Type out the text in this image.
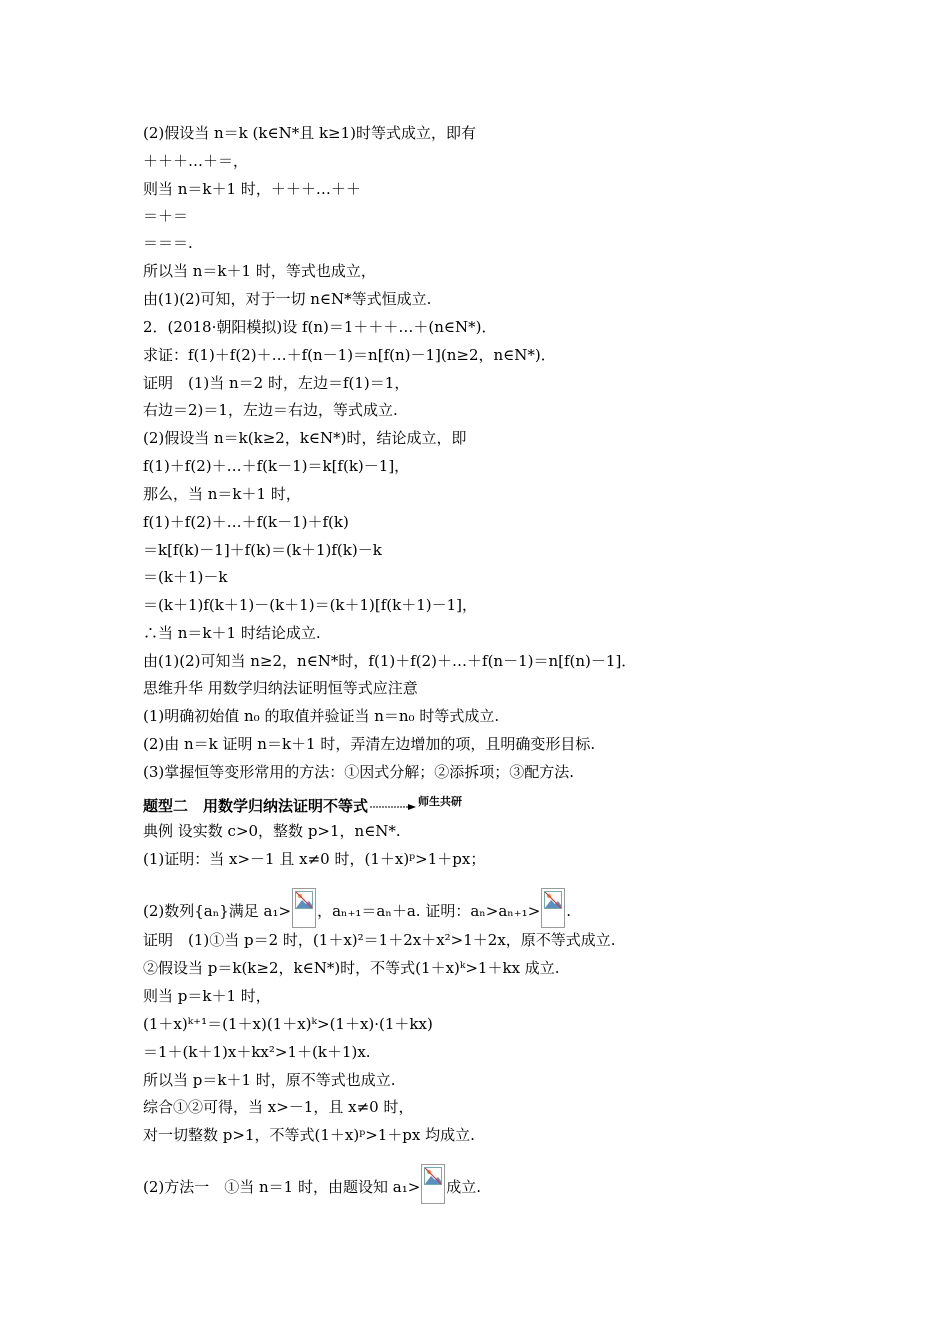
(2)假设当 n＝k (k∈N*且 k≥1)时等式成立，即有
＋＋＋…＋＝，
则当 n＝k＋1 时，＋＋＋…＋＋
＝＋＝
＝＝＝.
所以当 n＝k＋1 时，等式也成立，
由(1)(2)可知，对于一切 n∈N*等式恒成立.
2．(2018·朝阳模拟)设 f(n)＝1＋＋＋…＋(n∈N*)．
求证：f(1)＋f(2)＋…＋f(n－1)＝n[f(n)－1](n≥2，n∈N*)．
证明　(1)当 n＝2 时，左边＝f(1)＝1，
右边＝2)＝1，左边＝右边，等式成立.
(2)假设当 n＝k(k≥2，k∈N*)时，结论成立，即
f(1)＋f(2)＋…＋f(k－1)＝k[f(k)－1]，
那么，当 n＝k＋1 时，
f(1)＋f(2)＋…＋f(k－1)＋f(k)
＝k[f(k)－1]＋f(k)＝(k＋1)f(k)－k
＝(k＋1)－k
＝(k＋1)f(k＋1)－(k＋1)＝(k＋1)[f(k＋1)－1]，
∴当 n＝k＋1 时结论成立.
由(1)(2)可知当 n≥2，n∈N*时，f(1)＋f(2)＋…＋f(n－1)＝n[f(n)－1]．
思维升华 用数学归纳法证明恒等式应注意
(1)明确初始值 n₀ 的取值并验证当 n＝n₀ 时等式成立.
(2)由 n＝k 证明 n＝k＋1 时，弄清左边增加的项，且明确变形目标.
(3)掌握恒等变形常用的方法：①因式分解；②添拆项；③配方法.
题型二　用数学归纳法证明不等式	$^{师生共研}$
典例 设实数 c>0，整数 p>1，n∈N*.
(1)证明：当 x>－1 且 x≠0 时，(1＋x)ᵖ>1＋px；
(2)数列{aₙ}满足 a₁> ，aₙ₊₁＝aₙ＋a. 证明：aₙ>aₙ₊₁> .
证明　(1)①当 p＝2 时，(1＋x)²＝1＋2x＋x²>1＋2x，原不等式成立.
②假设当 p＝k(k≥2，k∈N*)时，不等式(1＋x)ᵏ>1＋kx 成立.
则当 p＝k＋1 时，
(1＋x)ᵏ⁺¹＝(1＋x)(1＋x)ᵏ>(1＋x)·(1＋kx)
＝1＋(k＋1)x＋kx²>1＋(k＋1)x.
所以当 p＝k＋1 时，原不等式也成立.
综合①②可得，当 x>－1，且 x≠0 时，
对一切整数 p>1，不等式(1＋x)ᵖ>1＋px 均成立.
(2)方法一　①当 n＝1 时，由题设知 a₁> 成立.
